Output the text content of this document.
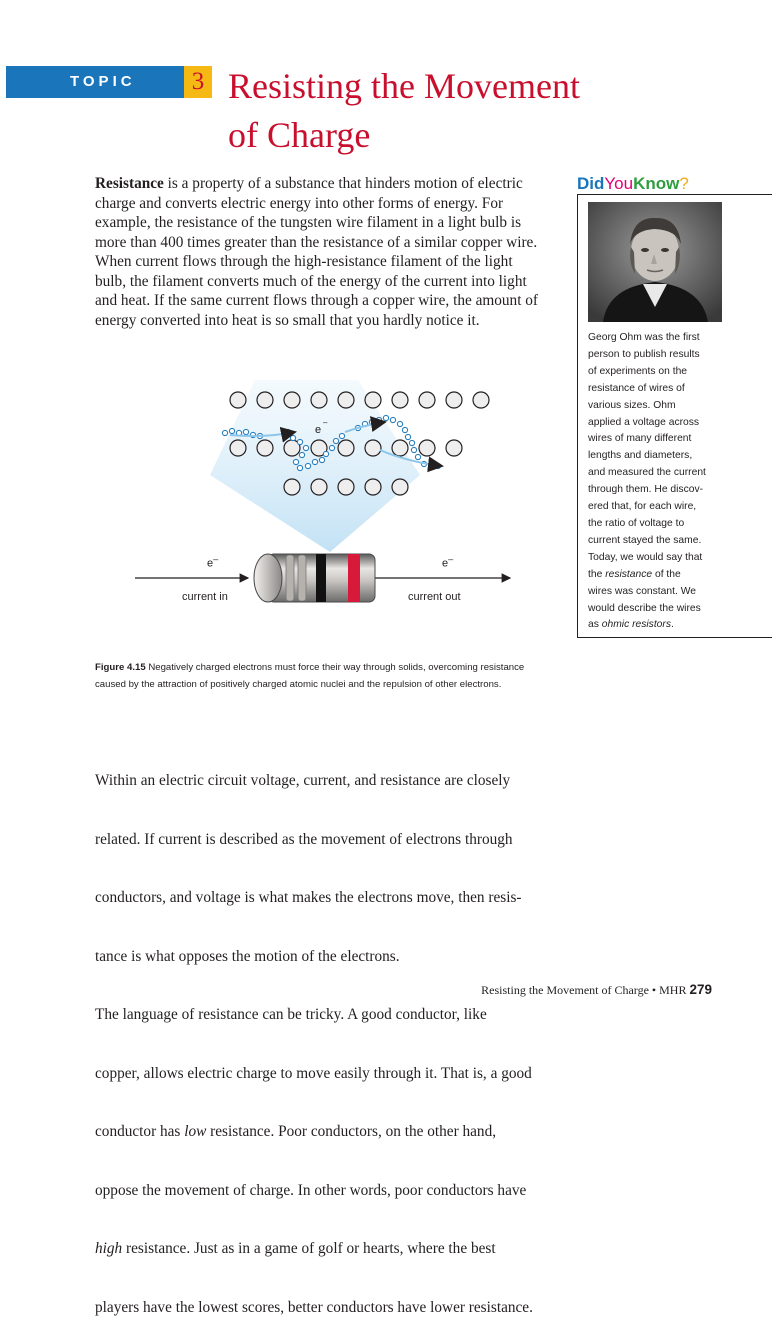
TOPIC	3 Resisting the Movement
of Charge
Resistance is a property of a substance that hinders motion of electric
charge and converts electric energy into other forms of energy. For
example, the resistance of the tungsten wire filament in a light bulb is
more than 400 times greater than the resistance of a similar copper wire.
When current flows through the high-resistance filament of the light
bulb, the filament converts much of the energy of the current into light
and heat. If the same current flows through a copper wire, the amount of
energy converted into heat is so small that you hardly notice it.
DidYouKnow?
Georg Ohm was the first
person to publish results
of experiments on the
resistance of wires of
various sizes. Ohm
applied a voltage across
wires of many different
lengths and diameters,
and measured the current
through them. He discov-
ered that, for each wire,
the ratio of voltage to
current stayed the same.
Today, we would say that
the resistance of the
wires was constant. We
would describe the wires
as ohmic resistors.
e
–
e–	e–
current in	current out
Figure 4.15 Negatively charged electrons must force their way through solids, overcoming resistance
caused by the attraction of positively charged atomic nuclei and the repulsion of other electrons.

Within an electric circuit voltage, current, and resistance are closely

related. If current is described as the movement of electrons through

conductors, and voltage is what makes the electrons move, then resis-

tance is what opposes the motion of the electrons.

The language of resistance can be tricky. A good conductor, like

copper, allows electric charge to move easily through it. That is, a good

conductor has low resistance. Poor conductors, on the other hand,

oppose the movement of charge. In other words, poor conductors have

high resistance. Just as in a game of golf or hearts, where the best

players have the lowest scores, better conductors have lower resistance.

Resisting the Movement of Charge • MHR 279
